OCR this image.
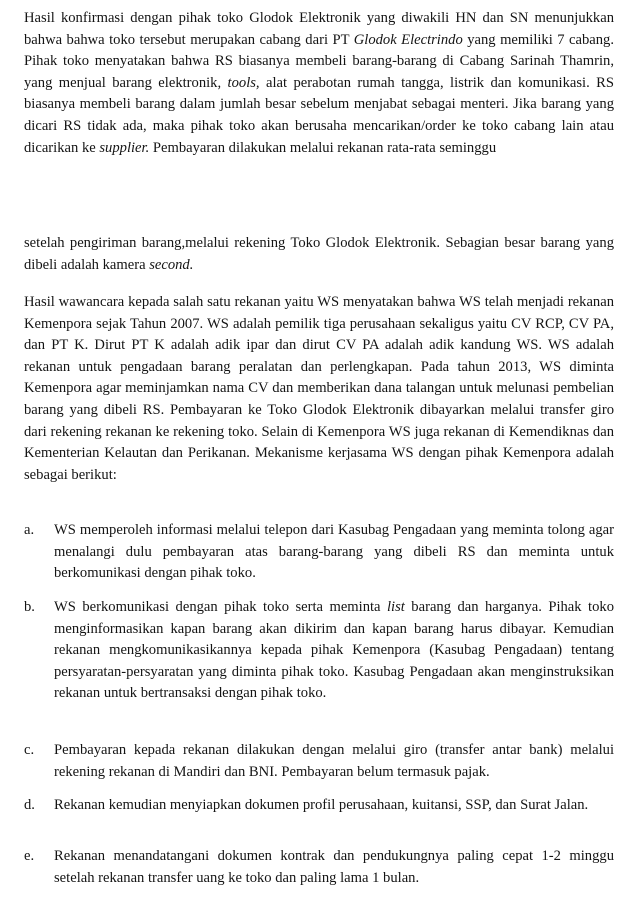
Hasil konfirmasi dengan pihak toko Glodok Elektronik yang diwakili HN dan SN menunjukkan bahwa bahwa toko tersebut merupakan cabang dari PT Glodok Electrindo yang memiliki 7 cabang. Pihak toko menyatakan bahwa RS biasanya membeli barang-barang di Cabang Sarinah Thamrin, yang menjual barang elektronik, tools, alat perabotan rumah tangga, listrik dan komunikasi. RS biasanya membeli barang dalam jumlah besar sebelum menjabat sebagai menteri. Jika barang yang dicari RS tidak ada, maka pihak toko akan berusaha mencarikan/order ke toko cabang lain atau dicarikan ke supplier. Pembayaran dilakukan melalui rekanan rata-rata seminggu

setelah pengiriman barang,melalui rekening Toko Glodok Elektronik. Sebagian besar barang yang dibeli adalah kamera second.

Hasil wawancara kepada salah satu rekanan yaitu WS menyatakan bahwa WS telah menjadi rekanan Kemenpora sejak Tahun 2007. WS adalah pemilik tiga perusahaan sekaligus yaitu CV RCP, CV PA, dan PT K. Dirut PT K adalah adik ipar dan dirut CV PA adalah adik kandung WS. WS adalah rekanan untuk pengadaan barang peralatan dan perlengkapan. Pada tahun 2013, WS diminta Kemenpora agar meminjamkan nama CV dan memberikan dana talangan untuk melunasi pembelian barang yang dibeli RS. Pembayaran ke Toko Glodok Elektronik dibayarkan melalui transfer giro dari rekening rekanan ke rekening toko. Selain di Kemenpora WS juga rekanan di Kemendiknas dan Kementerian Kelautan dan Perikanan. Mekanisme kerjasama WS dengan pihak Kemenpora adalah sebagai berikut:

a. WS memperoleh informasi melalui telepon dari Kasubag Pengadaan yang meminta tolong agar menalangi dulu pembayaran atas barang-barang yang dibeli RS dan meminta untuk berkomunikasi dengan pihak toko.
b. WS berkomunikasi dengan pihak toko serta meminta list barang dan harganya. Pihak toko menginformasikan kapan barang akan dikirim dan kapan barang harus dibayar. Kemudian rekanan mengkomunikasikannya kepada pihak Kemenpora (Kasubag Pengadaan) tentang persyaratan-persyaratan yang diminta pihak toko. Kasubag Pengadaan akan menginstruksikan rekanan untuk bertransaksi dengan pihak toko.
c. Pembayaran kepada rekanan dilakukan dengan melalui giro (transfer antar bank) melalui rekening rekanan di Mandiri dan BNI. Pembayaran belum termasuk pajak.
d. Rekanan kemudian menyiapkan dokumen profil perusahaan, kuitansi, SSP, dan Surat Jalan.
e. Rekanan menandatangani dokumen kontrak dan pendukungnya paling cepat 1-2 minggu setelah rekanan transfer uang ke toko dan paling lama 1 bulan.
